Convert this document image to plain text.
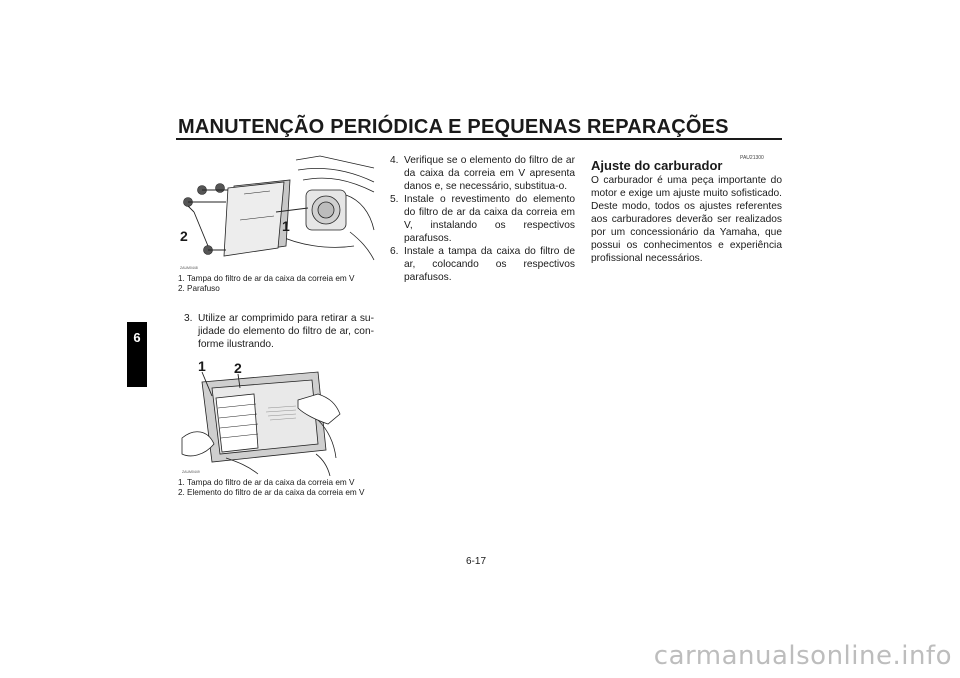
MANUTENÇÃO PERIÓDICA E PEQUENAS REPARAÇÕES
6
ZAUM0448
1
2
1. Tampa do filtro de ar da caixa da correia em V
2. Parafuso
3. Utilize ar comprimido para retirar a su-jidade do elemento do filtro de ar, con-forme ilustrando.
ZAUM0449
1 2
1. Tampa do filtro de ar da caixa da correia em V
2. Elemento do filtro de ar da caixa da correia em V
4. Verifique se o elemento do filtro de ar da caixa da correia em V apresenta danos e, se necessário, substitua-o.
5. Instale o revestimento do elemento do filtro de ar da caixa da correia em V, instalando os respectivos parafusos.
6. Instale a tampa da caixa do filtro de ar, colocando os respectivos parafusos.
PAU21300
Ajuste do carburador
O carburador é uma peça importante do motor e exige um ajuste muito sofisticado. Deste modo, todos os ajustes referentes aos carburadores deverão ser realizados por um concessionário da Yamaha, que possui os conhecimentos e experiência profissional necessários.
6-17
carmanualsonline.info
